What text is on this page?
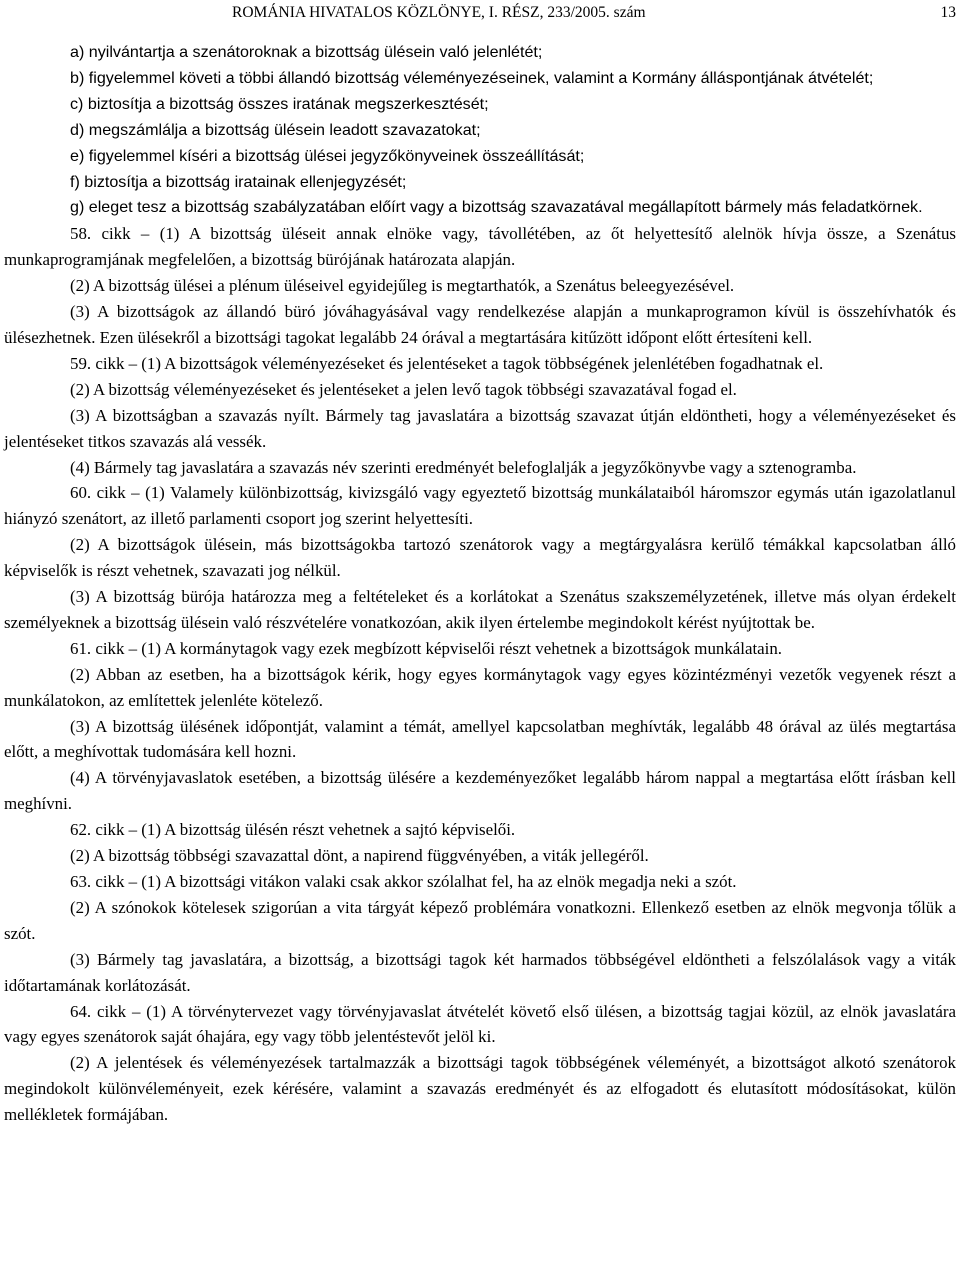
ROMÁNIA HIVATALOS KÖZLÖNYE, I. RÉSZ, 233/2005. szám	13

a) nyilvántartja a szenátoroknak a bizottság ülésein való jelenlétét;

b) figyelemmel követi a többi állandó bizottság véleményezéseinek, valamint a Kormány álláspontjának átvételét;

c) biztosítja a bizottság összes iratának megszerkesztését;

d) megszámlálja a bizottság ülésein leadott szavazatokat;

e) figyelemmel kíséri a bizottság ülései jegyzőkönyveinek összeállítását;

f) biztosítja a bizottság iratainak ellenjegyzését;

g) eleget tesz a bizottság szabályzatában előírt vagy a bizottság szavazatával megállapított bármely más feladatkörnek.

58. cikk – (1) A bizottság üléseit annak elnöke vagy, távollétében, az őt helyettesítő alelnök hívja össze, a Szenátus munkaprogramjának megfelelően, a bizottság bürójának határozata alapján.

(2) A bizottság ülései a plénum üléseivel egyidejűleg is megtarthatók, a Szenátus beleegyezésével.

(3) A bizottságok az állandó büró jóváhagyásával vagy rendelkezése alapján a munkaprogramon kívül is összehívhatók és ülésezhetnek. Ezen ülésekről a bizottsági tagokat legalább 24 órával a megtartására kitűzött időpont előtt értesíteni kell.

59. cikk – (1) A bizottságok véleményezéseket és jelentéseket a tagok többségének jelenlétében fogadhatnak el.

(2) A bizottság véleményezéseket és jelentéseket a jelen levő tagok többségi szavazatával fogad el.

(3) A bizottságban a szavazás nyílt. Bármely tag javaslatára a bizottság szavazat útján eldöntheti, hogy a véleményezéseket és jelentéseket titkos szavazás alá vessék.

(4) Bármely tag javaslatára a szavazás név szerinti eredményét belefoglalják a jegyzőkönyvbe vagy a sztenogramba.

60. cikk – (1) Valamely különbizottság, kivizsgáló vagy egyeztető bizottság munkálataiból háromszor egymás után igazolatlanul hiányzó szenátort, az illető parlamenti csoport jog szerint helyettesíti.

(2) A bizottságok ülésein, más bizottságokba tartozó szenátorok vagy a megtárgyalásra kerülő témákkal kapcsolatban álló képviselők is részt vehetnek, szavazati jog nélkül.

(3) A bizottság bürója határozza meg a feltételeket és a korlátokat a Szenátus szakszemélyzetének, illetve más olyan érdekelt személyeknek a bizottság ülésein való részvételére vonatkozóan, akik ilyen értelembe megindokolt kérést nyújtottak be.

61. cikk – (1) A kormánytagok vagy ezek megbízott képviselői részt vehetnek a bizottságok munkálatain.

(2) Abban az esetben, ha a bizottságok kérik, hogy egyes kormánytagok vagy egyes közintézményi vezetők vegyenek részt a munkálatokon, az említettek jelenléte kötelező.

(3) A bizottság ülésének időpontját, valamint a témát, amellyel kapcsolatban meghívták, legalább 48 órával az ülés megtartása előtt, a meghívottak tudomására kell hozni.

(4) A törvényjavaslatok esetében, a bizottság ülésére a kezdeményezőket legalább három nappal a megtartása előtt írásban kell meghívni.

62. cikk – (1) A bizottság ülésén részt vehetnek a sajtó képviselői.

(2) A bizottság többségi szavazattal dönt, a napirend függvényében, a viták jellegéről.

63. cikk – (1) A bizottsági vitákon valaki csak akkor szólalhat fel, ha az elnök megadja neki a szót.

(2) A szónokok kötelesek szigorúan a vita tárgyát képező problémára vonatkozni. Ellenkező esetben az elnök megvonja tőlük a szót.

(3) Bármely tag javaslatára, a bizottság, a bizottsági tagok két harmados többségével eldöntheti a felszólalások vagy a viták időtartamának korlátozását.

64. cikk – (1) A törvénytervezet vagy törvényjavaslat átvételét követő első ülésen, a bizottság tagjai közül, az elnök javaslatára vagy egyes szenátorok saját óhajára, egy vagy több jelentéstevőt jelöl ki.

(2) A jelentések és véleményezések tartalmazzák a bizottsági tagok többségének véleményét, a bizottságot alkotó szenátorok megindokolt különvéleményeit, ezek kérésére, valamint a szavazás eredményét és az elfogadott és elutasított módosításokat, külön mellékletek formájában.
